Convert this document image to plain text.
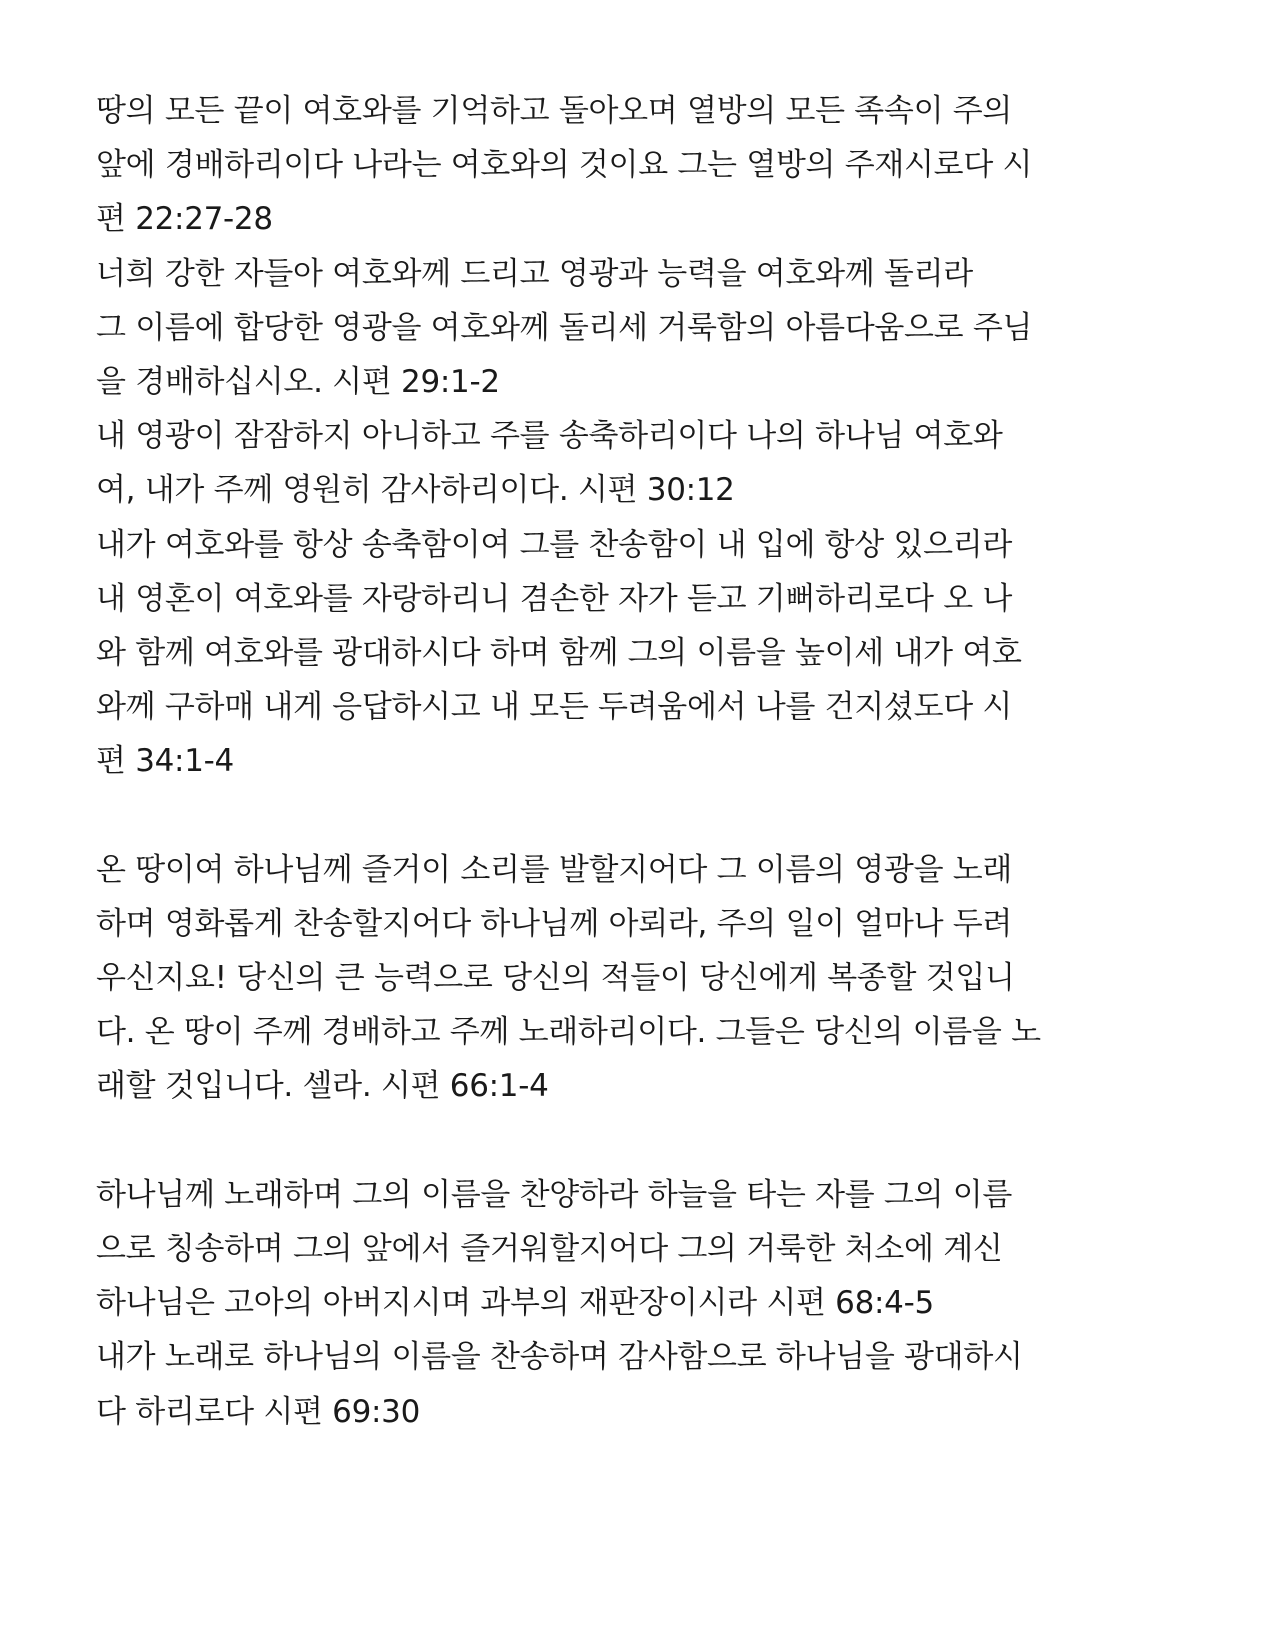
땅의 모든 끝이 여호와를 기억하고 돌아오며 열방의 모든 족속이 주의
앞에 경배하리이다 나라는 여호와의 것이요 그는 열방의 주재시로다 시
편 22:27-28
너희 강한 자들아 여호와께 드리고 영광과 능력을 여호와께 돌리라
그 이름에 합당한 영광을 여호와께 돌리세 거룩함의 아름다움으로 주님
을 경배하십시오. 시편 29:1-2
내 영광이 잠잠하지 아니하고 주를 송축하리이다 나의 하나님 여호와
여, 내가 주께 영원히 감사하리이다. 시편 30:12
내가 여호와를 항상 송축함이여 그를 찬송함이 내 입에 항상 있으리라
내 영혼이 여호와를 자랑하리니 겸손한 자가 듣고 기뻐하리로다 오 나
와 함께 여호와를 광대하시다 하며 함께 그의 이름을 높이세 내가 여호
와께 구하매 내게 응답하시고 내 모든 두려움에서 나를 건지셨도다 시
편 34:1-4
온 땅이여 하나님께 즐거이 소리를 발할지어다 그 이름의 영광을 노래
하며 영화롭게 찬송할지어다 하나님께 아뢰라, 주의 일이 얼마나 두려
우신지요! 당신의 큰 능력으로 당신의 적들이 당신에게 복종할 것입니
다. 온 땅이 주께 경배하고 주께 노래하리이다. 그들은 당신의 이름을 노
래할 것입니다. 셀라. 시편 66:1-4
하나님께 노래하며 그의 이름을 찬양하라 하늘을 타는 자를 그의 이름
으로 칭송하며 그의 앞에서 즐거워할지어다 그의 거룩한 처소에 계신
하나님은 고아의 아버지시며 과부의 재판장이시라 시편 68:4-5
내가 노래로 하나님의 이름을 찬송하며 감사함으로 하나님을 광대하시
다 하리로다 시편 69:30
